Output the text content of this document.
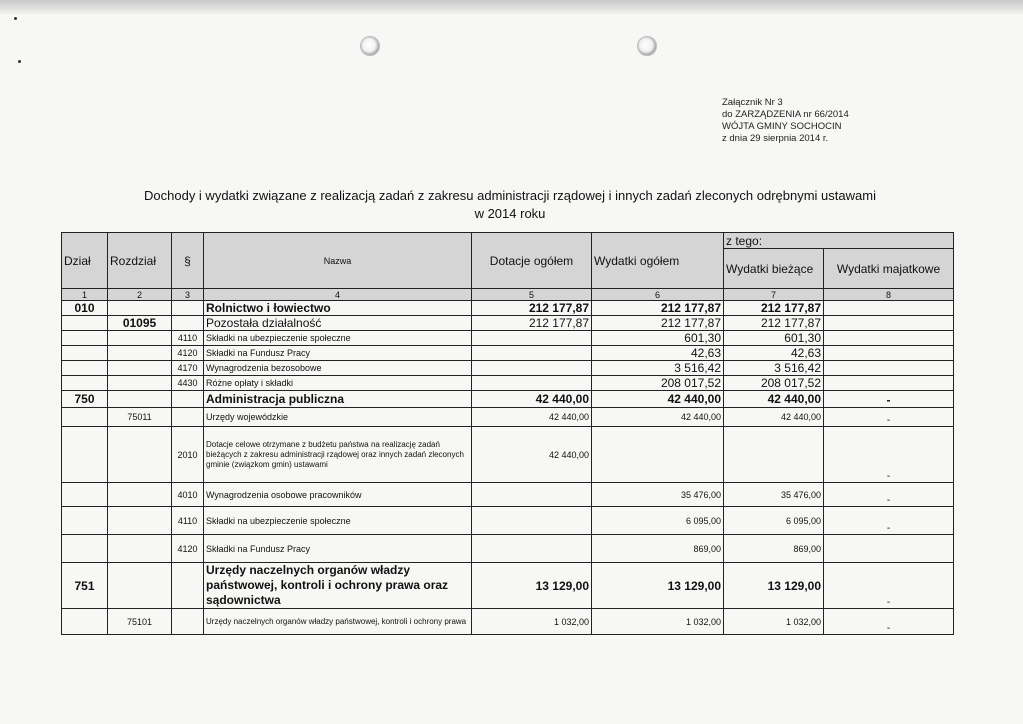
Załącznik Nr 3
do ZARZĄDZENIA nr 66/2014
WÓJTA GMINY SOCHOCIN
z dnia 29 sierpnia 2014 r.
Dochody i wydatki związane z realizacją zadań z zakresu administracji rządowej i innych zadań zleconych odrębnymi ustawami
w 2014 roku
Dział	Rozdział	§	Nazwa	Dotacje ogółem	Wydatki ogółem	z tego:	
						Wydatki bieżące	Wydatki majatkowe
1	2	3	4	5	6	7	8
010			Rolnictwo i łowiectwo	212 177,87	212 177,87	212 177,87	
	01095		Pozostała działalność	212 177,87	212 177,87	212 177,87	
		4110	Składki na ubezpieczenie społeczne		601,30	601,30	
		4120	Składki na Fundusz Pracy		42,63	42,63	
		4170	Wynagrodzenia bezosobowe		3 516,42	3 516,42	
		4430	Różne opłaty i składki		208 017,52	208 017,52	
750			Administracja publiczna	42 440,00	42 440,00	42 440,00	-
	75011		Urzędy wojewódzkie	42 440,00	42 440,00	42 440,00	-
		2010	Dotacje celowe otrzymane z budżetu państwa na realizację zadań bieżących z zakresu administracji rządowej oraz innych zadań zleconych gminie (związkom gmin) ustawami	42 440,00			-
		4010	Wynagrodzenia osobowe pracowników		35 476,00	35 476,00	-
		4110	Składki na ubezpieczenie społeczne		6 095,00	6 095,00	-
		4120	Składki na Fundusz Pracy		869,00	869,00	
751			Urzędy naczelnych organów władzy państwowej, kontroli i ochrony prawa oraz sądownictwa	13 129,00	13 129,00	13 129,00	-
	75101		Urzędy naczelnych organów władzy państwowej, kontroli i ochrony prawa	1 032,00	1 032,00	1 032,00	-
